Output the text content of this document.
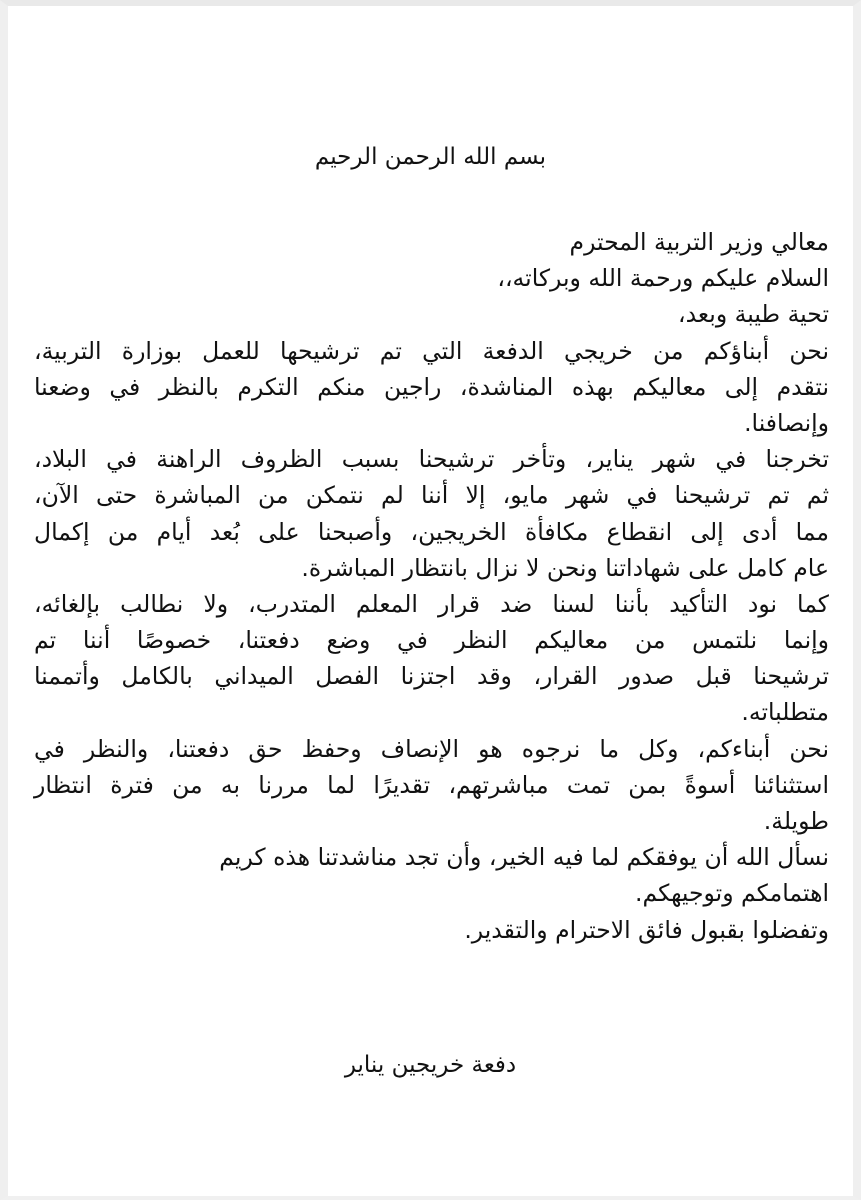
بسم الله الرحمن الرحيم
معالي وزير التربية المحترم
السلام عليكم ورحمة الله وبركاته،،
تحية طيبة وبعد،
نحن أبناؤكم من خريجي الدفعة التي تم ترشيحها للعمل بوزارة التربية،
نتقدم إلى معاليكم بهذه المناشدة، راجين منكم التكرم بالنظر في وضعنا
وإنصافنا.
تخرجنا في شهر يناير، وتأخر ترشيحنا بسبب الظروف الراهنة في البلاد،
ثم تم ترشيحنا في شهر مايو، إلا أننا لم نتمكن من المباشرة حتى الآن،
مما أدى إلى انقطاع مكافأة الخريجين، وأصبحنا على بُعد أيام من إكمال
عام كامل على شهاداتنا ونحن لا نزال بانتظار المباشرة.
كما نود التأكيد بأننا لسنا ضد قرار المعلم المتدرب، ولا نطالب بإلغائه،
وإنما نلتمس من معاليكم النظر في وضع دفعتنا، خصوصًا أننا تم
ترشيحنا قبل صدور القرار، وقد اجتزنا الفصل الميداني بالكامل وأتممنا
متطلباته.
نحن أبناءكم، وكل ما نرجوه هو الإنصاف وحفظ حق دفعتنا، والنظر في
استثنائنا أسوةً بمن تمت مباشرتهم، تقديرًا لما مررنا به من فترة انتظار
طويلة.
نسأل الله أن يوفقكم لما فيه الخير، وأن تجد مناشدتنا هذه كريم
اهتمامكم وتوجيهكم.
وتفضلوا بقبول فائق الاحترام والتقدير.
دفعة خريجين يناير
